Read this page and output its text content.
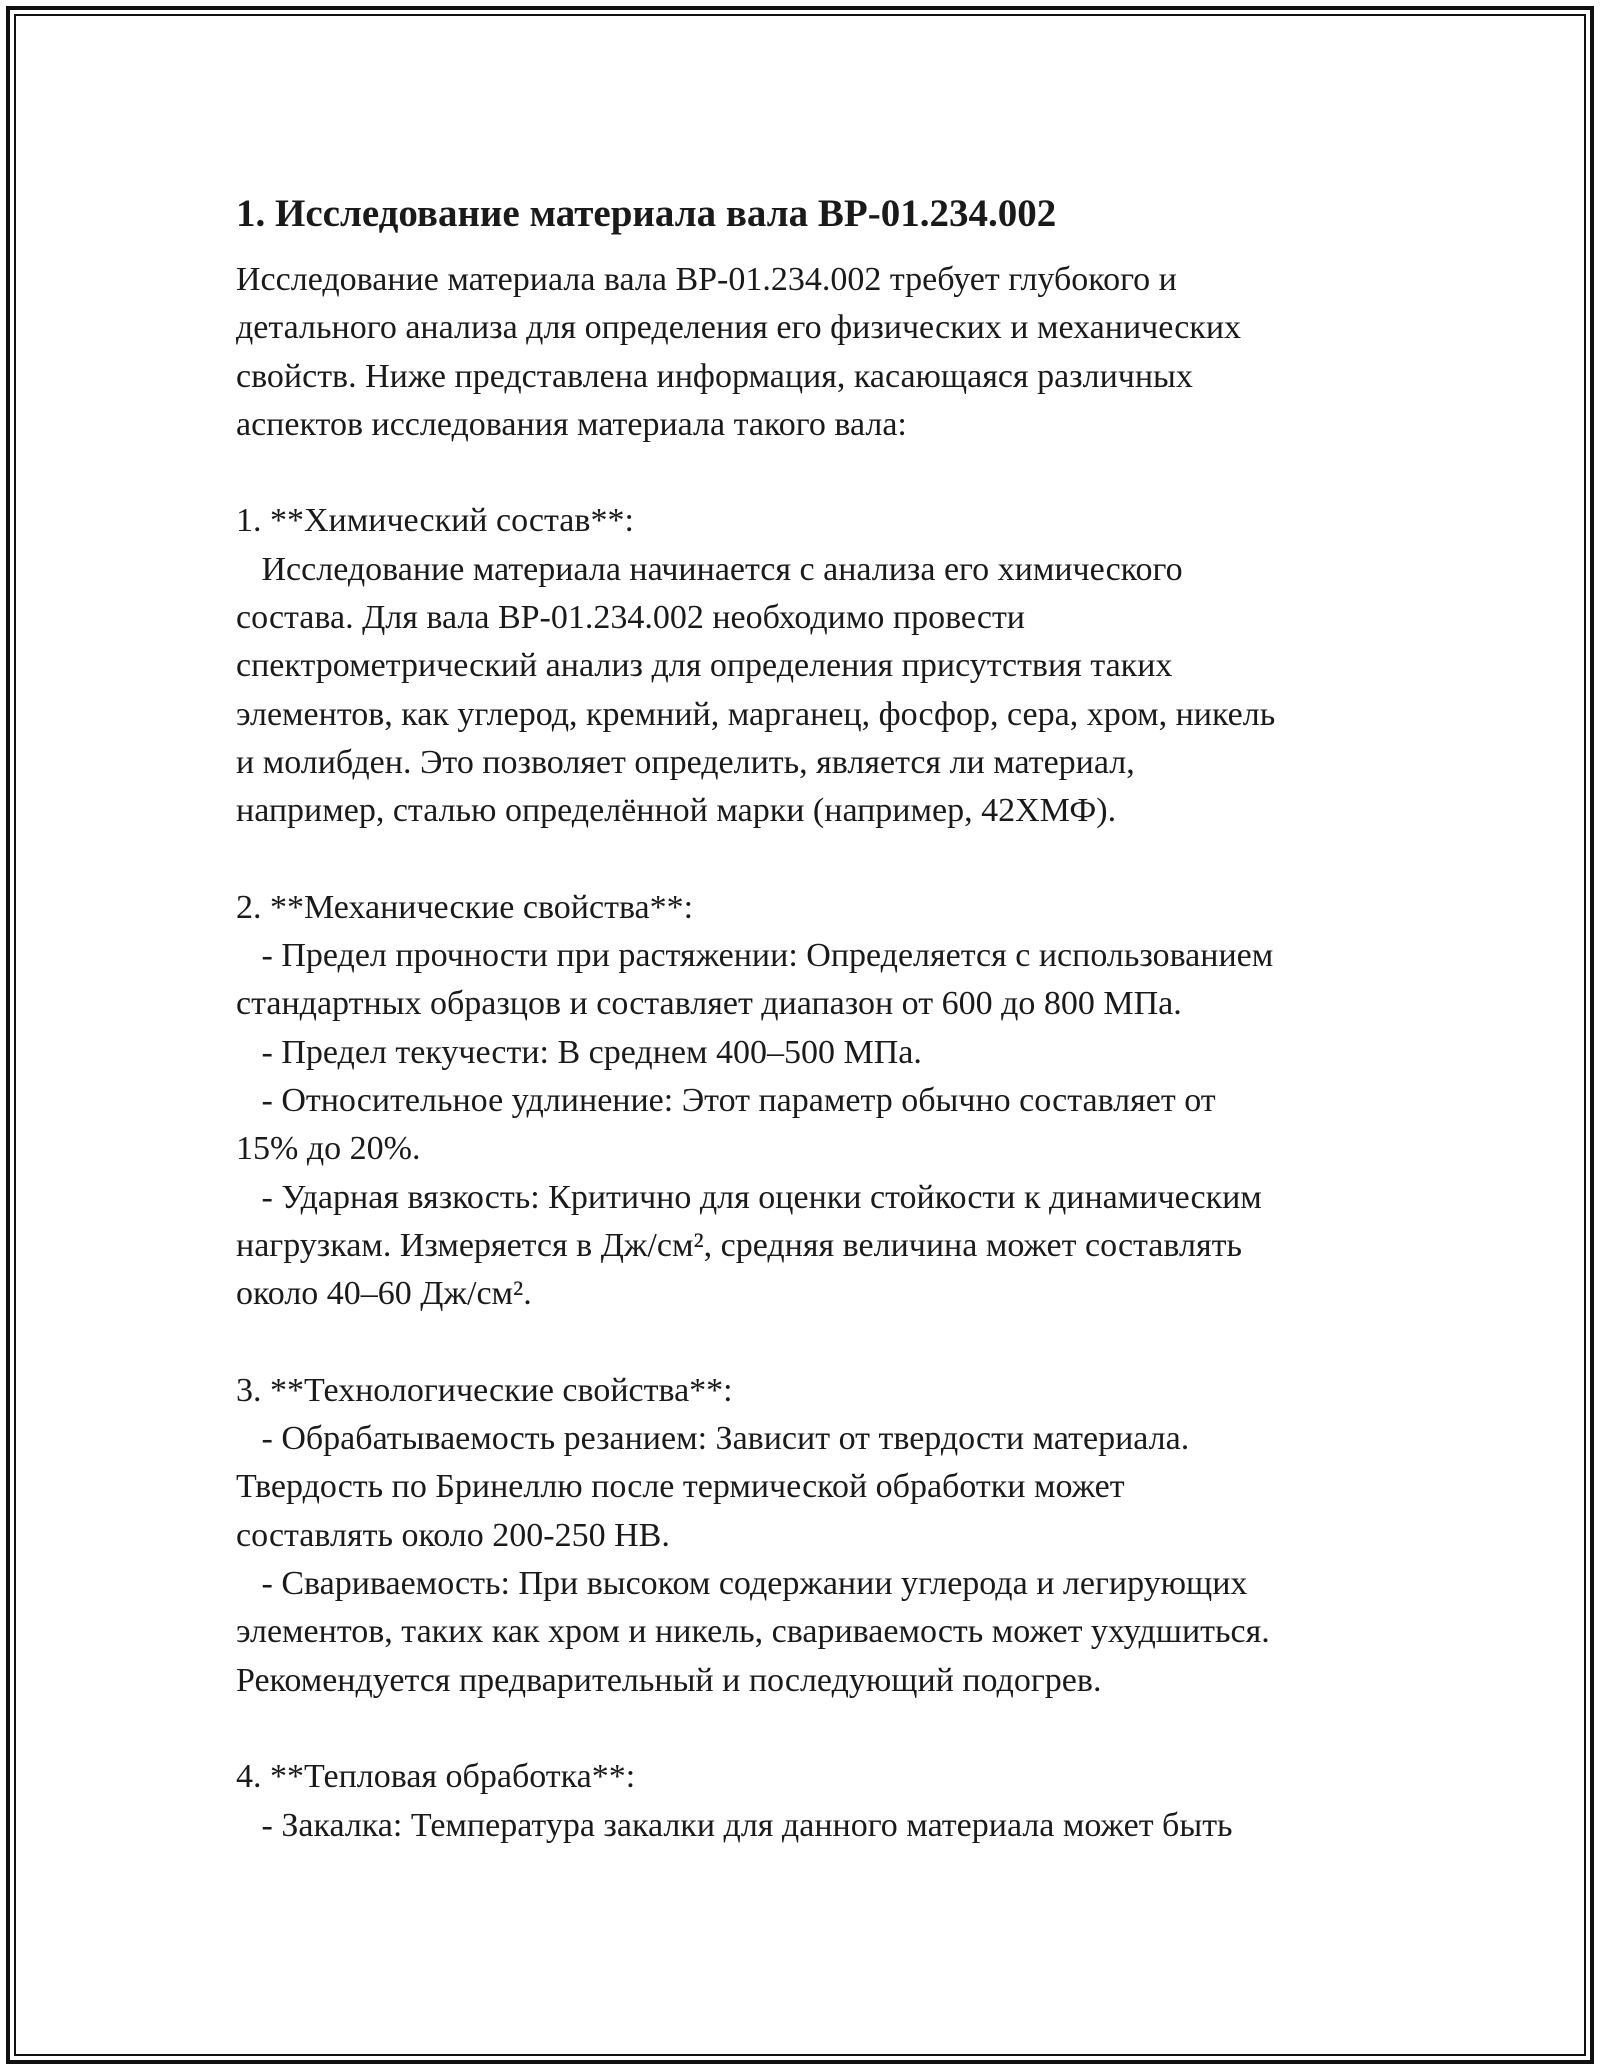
1. Исследование материала вала ВР-01.234.002
Исследование материала вала ВР-01.234.002 требует глубокого и
детального анализа для определения его физических и механических
свойств. Ниже представлена информация, касающаяся различных
аспектов исследования материала такого вала:
1. **Химический состав**:
Исследование материала начинается с анализа его химического
состава. Для вала ВР-01.234.002 необходимо провести
спектрометрический анализ для определения присутствия таких
элементов, как углерод, кремний, марганец, фосфор, сера, хром, никель
и молибден. Это позволяет определить, является ли материал,
например, сталью определённой марки (например, 42ХМФ).
2. **Механические свойства**:
- Предел прочности при растяжении: Определяется с использованием
стандартных образцов и составляет диапазон от 600 до 800 МПа.
- Предел текучести: В среднем 400–500 МПа.
- Относительное удлинение: Этот параметр обычно составляет от
15% до 20%.
- Ударная вязкость: Критично для оценки стойкости к динамическим
нагрузкам. Измеряется в Дж/см², средняя величина может составлять
около 40–60 Дж/см².
3. **Технологические свойства**:
- Обрабатываемость резанием: Зависит от твердости материала.
Твердость по Бринеллю после термической обработки может
составлять около 200-250 HB.
- Свариваемость: При высоком содержании углерода и легирующих
элементов, таких как хром и никель, свариваемость может ухудшиться.
Рекомендуется предварительный и последующий подогрев.
4. **Тепловая обработка**:
- Закалка: Температура закалки для данного материала может быть
